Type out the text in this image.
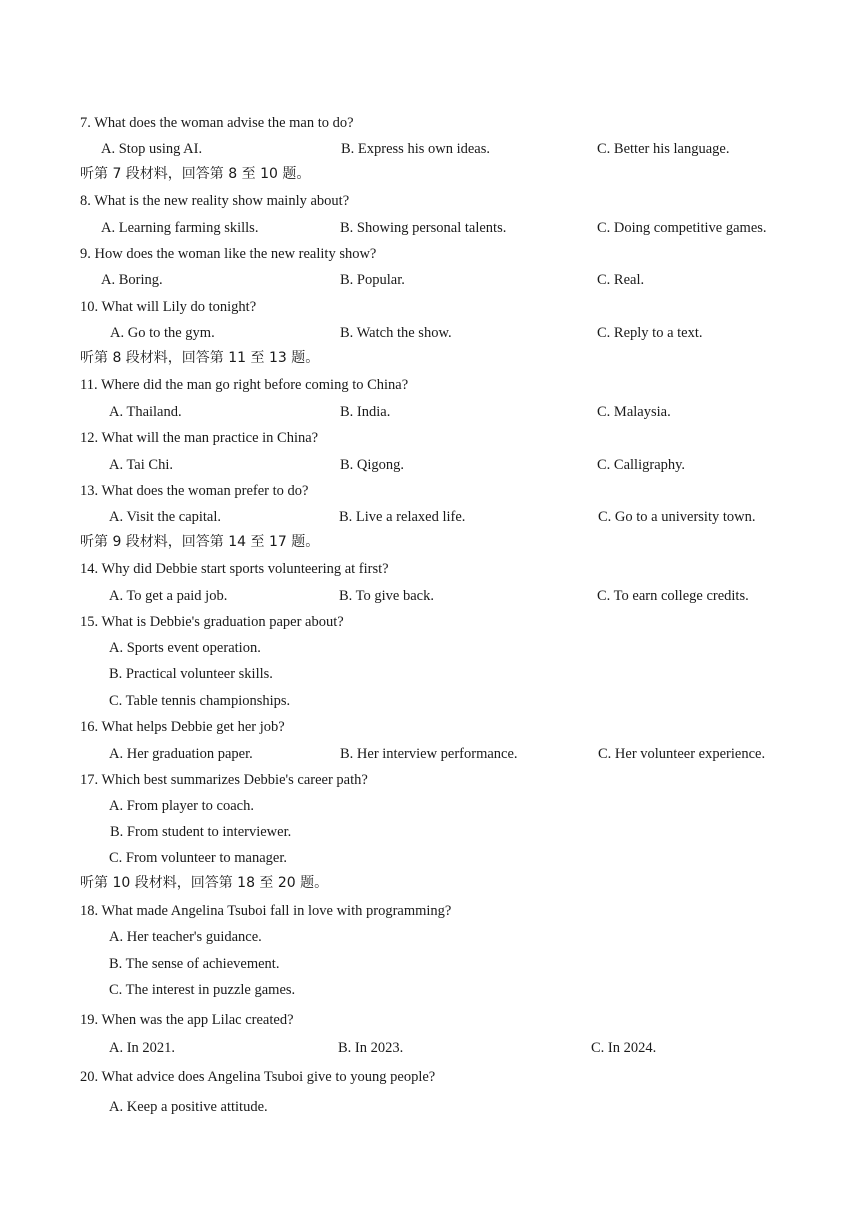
7. What does the woman advise the man to do?
A. Stop using AI.	B. Express his own ideas.	C. Better his language.
听第 7 段材料，回答第 8 至 10 题。
8. What is the new reality show mainly about?
A. Learning farming skills.	B. Showing personal talents.	C. Doing competitive games.
9. How does the woman like the new reality show?
A. Boring.	B. Popular.	C. Real.
10. What will Lily do tonight?
A. Go to the gym.	B. Watch the show.	C. Reply to a text.
听第 8 段材料，回答第 11 至 13 题。
11. Where did the man go right before coming to China?
A. Thailand.	B. India.	C. Malaysia.
12. What will the man practice in China?
A. Tai Chi.	B. Qigong.	C. Calligraphy.
13. What does the woman prefer to do?
A. Visit the capital.	B. Live a relaxed life.	C. Go to a university town.
听第 9 段材料，回答第 14 至 17 题。
14. Why did Debbie start sports volunteering at first?
A. To get a paid job.	B. To give back.	C. To earn college credits.
15. What is Debbie's graduation paper about?
A. Sports event operation.
B. Practical volunteer skills.
C. Table tennis championships.
16. What helps Debbie get her job?
A. Her graduation paper.	B. Her interview performance.	C. Her volunteer experience.
17. Which best summarizes Debbie's career path?
A. From player to coach.
B. From student to interviewer.
C. From volunteer to manager.
听第 10 段材料，回答第 18 至 20 题。
18. What made Angelina Tsuboi fall in love with programming?
A. Her teacher's guidance.
B. The sense of achievement.
C. The interest in puzzle games.
19. When was the app Lilac created?
A. In 2021.	B. In 2023.	C. In 2024.
20. What advice does Angelina Tsuboi give to young people?
A. Keep a positive attitude.
